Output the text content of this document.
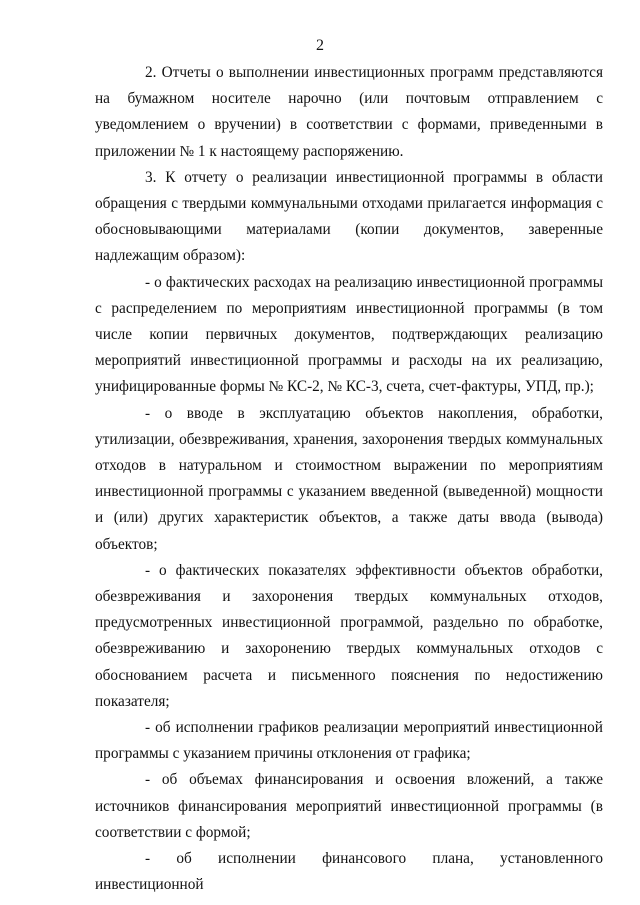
2

2. Отчеты о выполнении инвестиционных программ представляются на бумажном носителе нарочно (или почтовым отправлением с уведомлением о вручении) в соответствии с формами, приведенными в приложении № 1 к настоящему распоряжению.

3. К отчету о реализации инвестиционной программы в области обращения с твердыми коммунальными отходами прилагается информация с обосновывающими материалами (копии документов, заверенные надлежащим образом):

- о фактических расходах на реализацию инвестиционной программы с распределением по мероприятиям инвестиционной программы (в том числе копии первичных документов, подтверждающих реализацию мероприятий инвестиционной программы и расходы на их реализацию, унифицированные формы № КС-2, № КС-3, счета, счет-фактуры, УПД, пр.);

- о вводе в эксплуатацию объектов накопления, обработки, утилизации, обезвреживания, хранения, захоронения твердых коммунальных отходов в натуральном и стоимостном выражении по мероприятиям инвестиционной программы с указанием введенной (выведенной) мощности и (или) других характеристик объектов, а также даты ввода (вывода) объектов;

- о фактических показателях эффективности объектов обработки, обезвреживания и захоронения твердых коммунальных отходов, предусмотренных инвестиционной программой, раздельно по обработке, обезвреживанию и захоронению твердых коммунальных отходов с обоснованием расчета и письменного пояснения по недостижению показателя;

- об исполнении графиков реализации мероприятий инвестиционной программы с указанием причины отклонения от графика;

- об объемах финансирования и освоения вложений, а также источников финансирования мероприятий инвестиционной программы (в соответствии с формой;

- об исполнении финансового плана, установленного инвестиционной
